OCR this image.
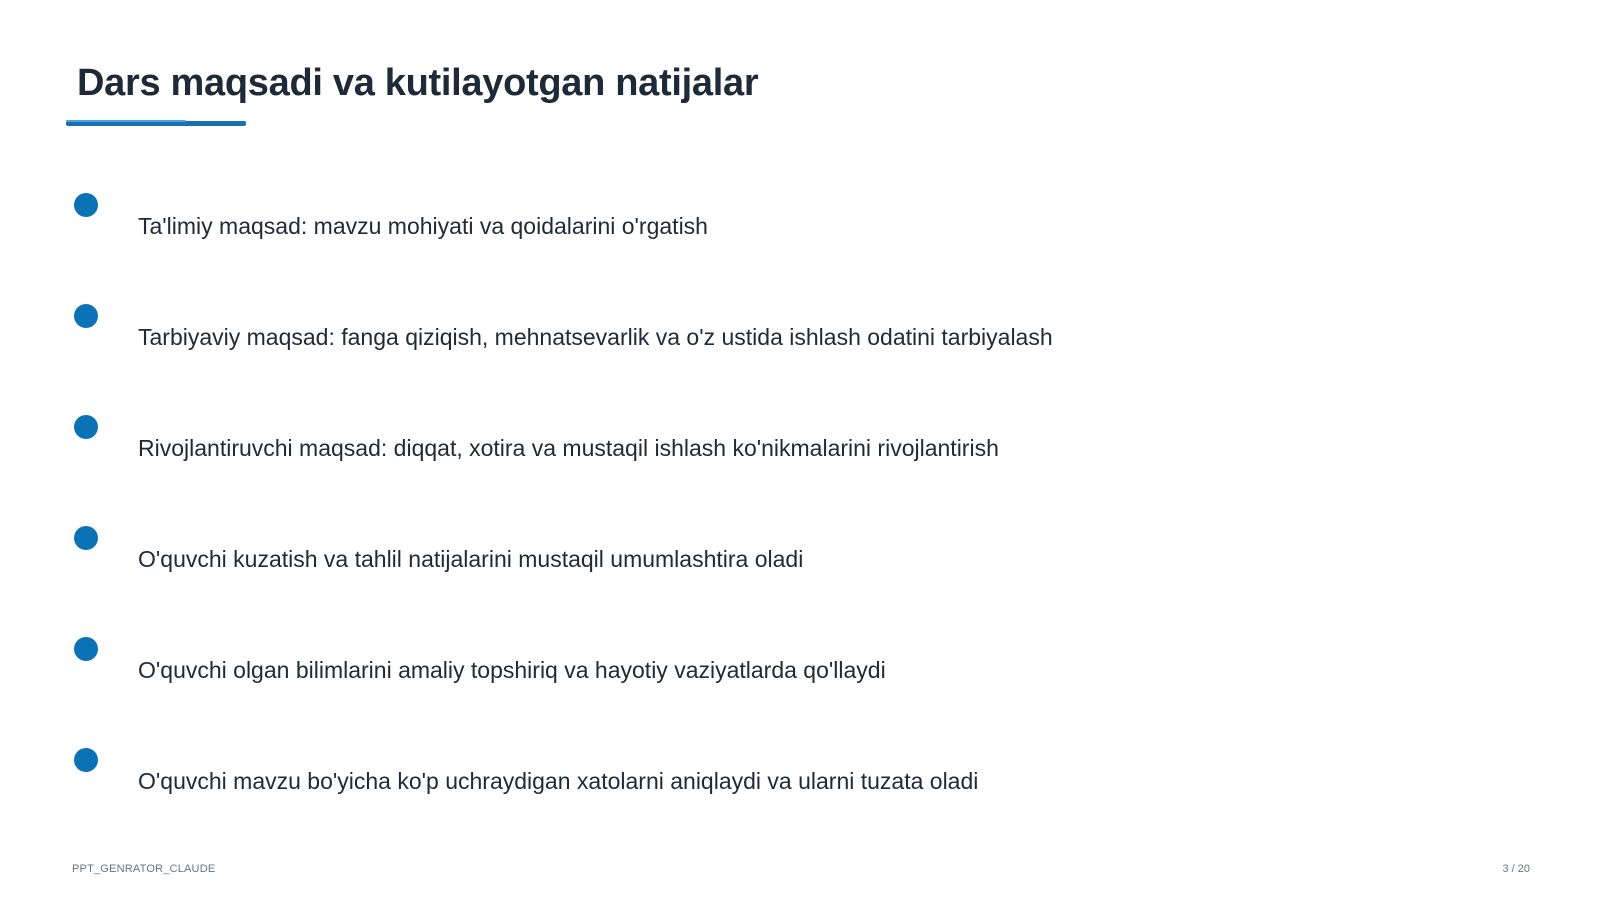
Dars maqsadi va kutilayotgan natijalar
Ta'limiy maqsad: mavzu mohiyati va qoidalarini o'rgatish
Tarbiyaviy maqsad: fanga qiziqish, mehnatsevarlik va o'z ustida ishlash odatini tarbiyalash
Rivojlantiruvchi maqsad: diqqat, xotira va mustaqil ishlash ko'nikmalarini rivojlantirish
O'quvchi kuzatish va tahlil natijalarini mustaqil umumlashtira oladi
O'quvchi olgan bilimlarini amaliy topshiriq va hayotiy vaziyatlarda qo'llaydi
O'quvchi mavzu bo'yicha ko'p uchraydigan xatolarni aniqlaydi va ularni tuzata oladi
PPT_GENRATOR_CLAUDE	3 / 20
